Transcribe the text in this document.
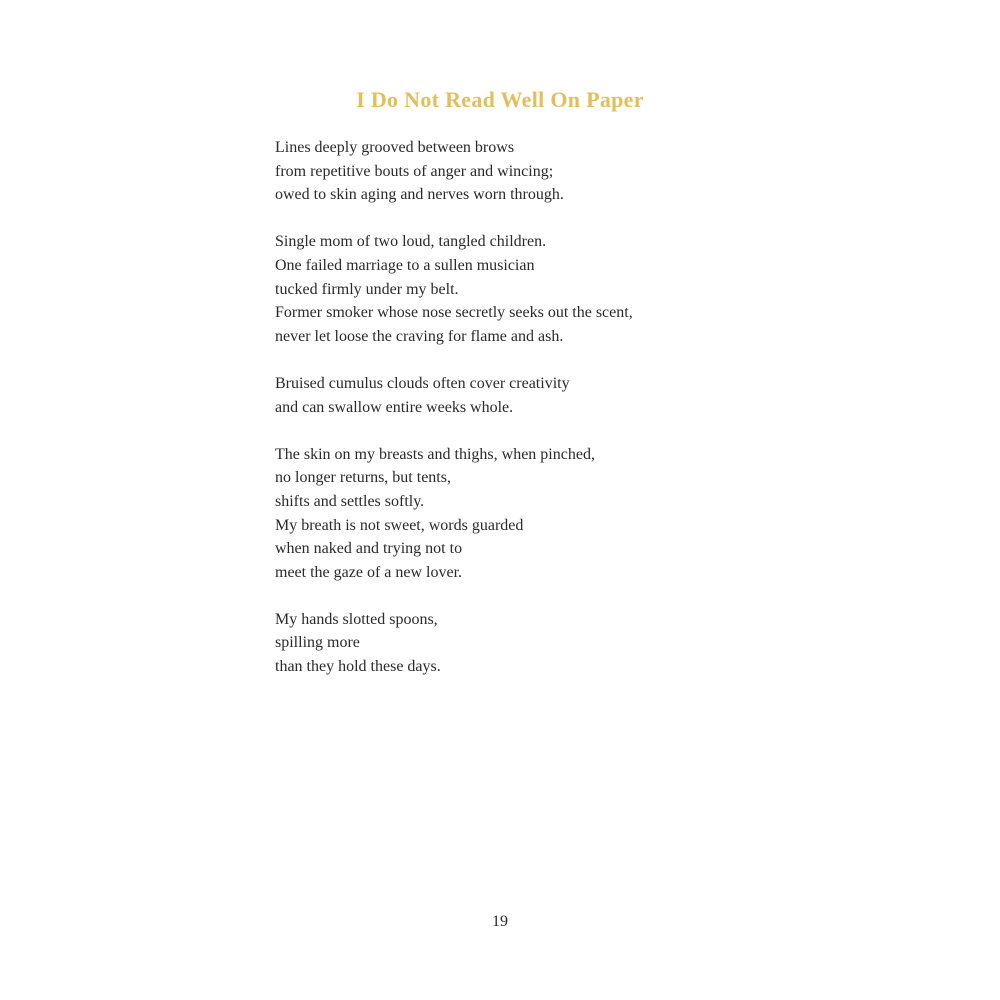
I Do Not Read Well On Paper
Lines deeply grooved between brows
from repetitive bouts of anger and wincing;
owed to skin aging and nerves worn through.
Single mom of two loud, tangled children.
One failed marriage to a sullen musician
tucked firmly under my belt.
Former smoker whose nose secretly seeks out the scent,
never let loose the craving for flame and ash.
Bruised cumulus clouds often cover creativity
and can swallow entire weeks whole.
The skin on my breasts and thighs, when pinched,
no longer returns, but tents,
shifts and settles softly.
My breath is not sweet, words guarded
when naked and trying not to
meet the gaze of a new lover.
My hands slotted spoons,
spilling more
than they hold these days.

19
